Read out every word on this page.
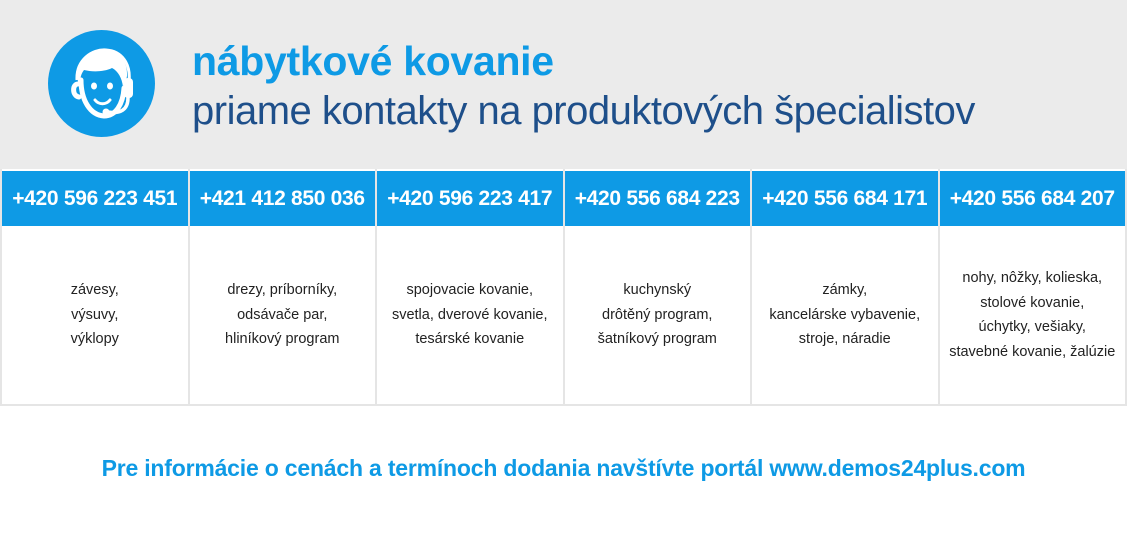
nábytkové kovanie
priame kontakty na produktových špecialistov
+420 596 223 451
závesy,
výsuvy,
výklopy
+421 412 850 036
drezy, príborníky,
odsávače par,
hliníkový program
+420 596 223 417
spojovacie kovanie,
svetla, dverové kovanie,
tesárské kovanie
+420 556 684 223
kuchynský
drôtěný program,
šatníkový program
+420 556 684 171
zámky,
kancelárske vybavenie,
stroje, náradie
+420 556 684 207
nohy, nôžky, kolieska,
stolové kovanie,
úchytky, vešiaky,
stavebné kovanie, žalúzie
Pre informácie o cenách a termínoch dodania navštívte portál www.demos24plus.com
